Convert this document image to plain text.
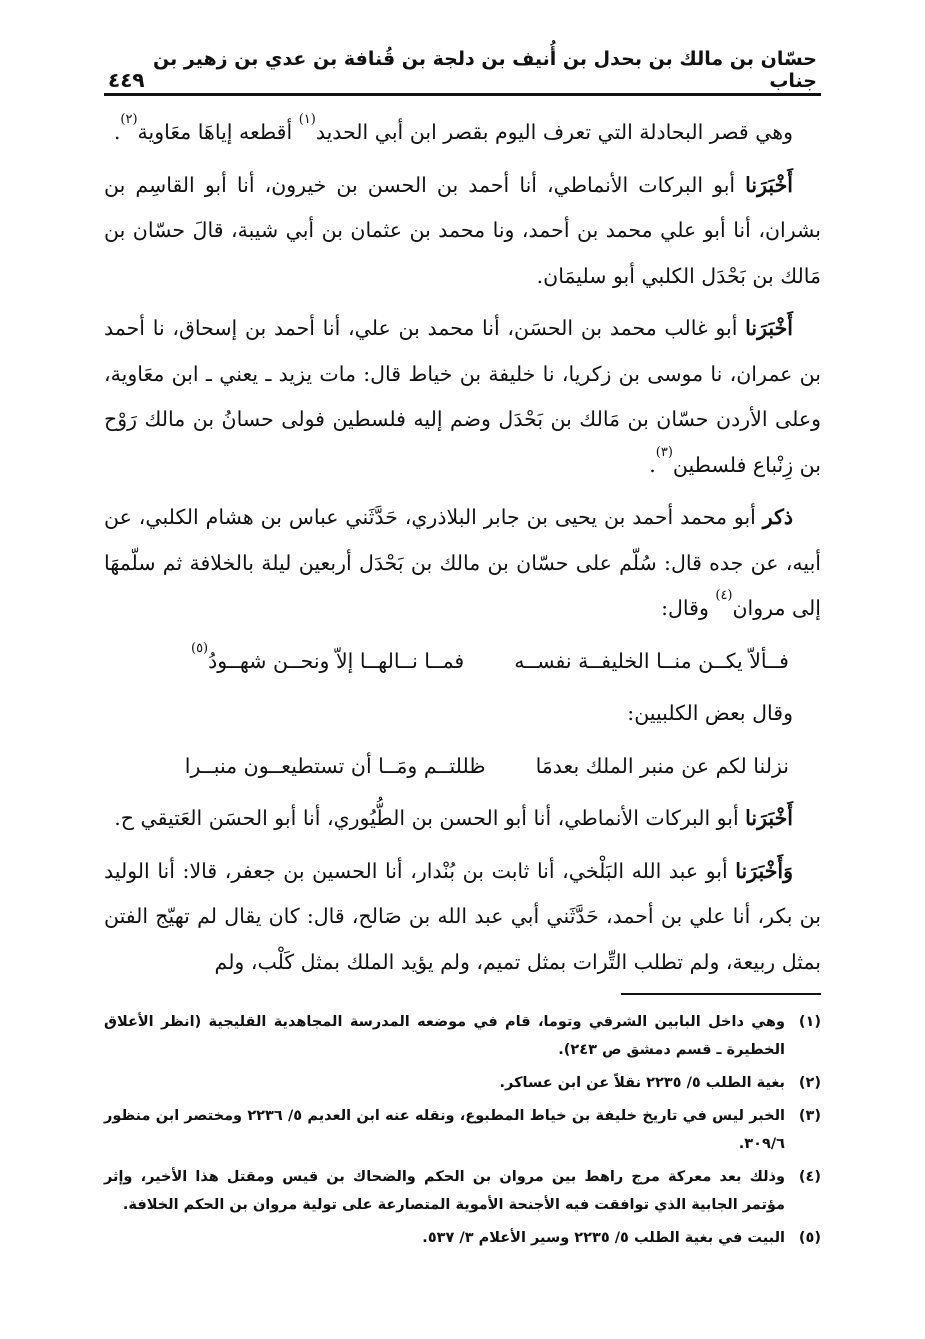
حسّان بن مالك بن بحدل بن أُنيف بن دلجة بن قُنافة بن عدي بن زهير بن جناب
٤٤٩

وهي قصر البحادلة التي تعرف اليوم بقصر ابن أبي الحديد$^{(١)}$ أقطعه إياهَا معَاوية$^{(٢)}$.

أَخْبَرَنا أبو البركات الأنماطي، أنا أحمد بن الحسن بن خيرون، أنا أبو القاسِم بن بشران، أنا أبو علي محمد بن أحمد، ونا محمد بن عثمان بن أبي شيبة، قالَ حسّان بن مَالك بن بَحْدَل الكلبي أبو سليمَان.

أَخْبَرَنا أبو غالب محمد بن الحسَن، أنا محمد بن علي، أنا أحمد بن إسحاق، نا أحمد بن عمران، نا موسى بن زكريا، نا خليفة بن خياط قال: مات يزيد ـ يعني ـ ابن معَاوية، وعلى الأردن حسّان بن مَالك بن بَحْدَل وضم إليه فلسطين فولى حسانُ بن مالك رَوْح بن زِنْباع فلسطين$^{(٣)}$.

ذكر أبو محمد أحمد بن يحيى بن جابر البلاذري، حَدَّثَني عباس بن هشام الكلبي، عن أبيه، عن جده قال: سُلّم على حسّان بن مالك بن بَحْدَل أربعين ليلة بالخلافة ثم سلّمهَا إلى مروان$^{(٤)}$ وقال:

فــألاّ يكــن منــا الخليفــة نفســه
فمــا نــالهــا إلاّ ونحــن شهــودُ$^{(٥)}$

وقال بعض الكلبيين:

نزلنا لكم عن منبر الملك بعدمَا
ظللتــم ومَــا أن تستطيعــون منبــرا

أَخْبَرَنا أبو البركات الأنماطي، أنا أبو الحسن بن الطُّيُوري، أنا أبو الحسَن العَتيقي ح.

وَأَخْبَرَنا أبو عبد الله البَلْخي، أنا ثابت بن بُنْدار، أنا الحسين بن جعفر، قالا: أنا الوليد بن بكر، أنا علي بن أحمد، حَدَّثَني أبي عبد الله بن صَالح، قال: كان يقال لم تهيّج الفتن بمثل ربيعة، ولم تطلب التِّرات بمثل تميم، ولم يؤيد الملك بمثل كَلْب، ولم

(١)
وهي داخل البابين الشرقي وتوما، قام في موضعه المدرسة المجاهدية القليجية (انظر الأعلاق الخطيرة ـ قسم دمشق ص ٢٤٣).
(٢)
بغية الطلب ٥/ ٢٢٣٥ نقلاً عن ابن عساكر.
(٣)
الخبر ليس في تاريخ خليفة بن خياط المطبوع، ونقله عنه ابن العديم ٥/ ٢٢٣٦ ومختصر ابن منظور ٣٠٩/٦.
(٤)
وذلك بعد معركة مرج راهط بين مروان بن الحكم والضحاك بن قيس ومقتل هذا الأخير، وإثر مؤتمر الجابية الذي توافقت فيه الأجنحة الأموية المتصارعة على تولية مروان بن الحكم الخلافة.
(٥)
البيت في بغية الطلب ٥/ ٢٢٣٥ وسير الأعلام ٣/ ٥٣٧.
